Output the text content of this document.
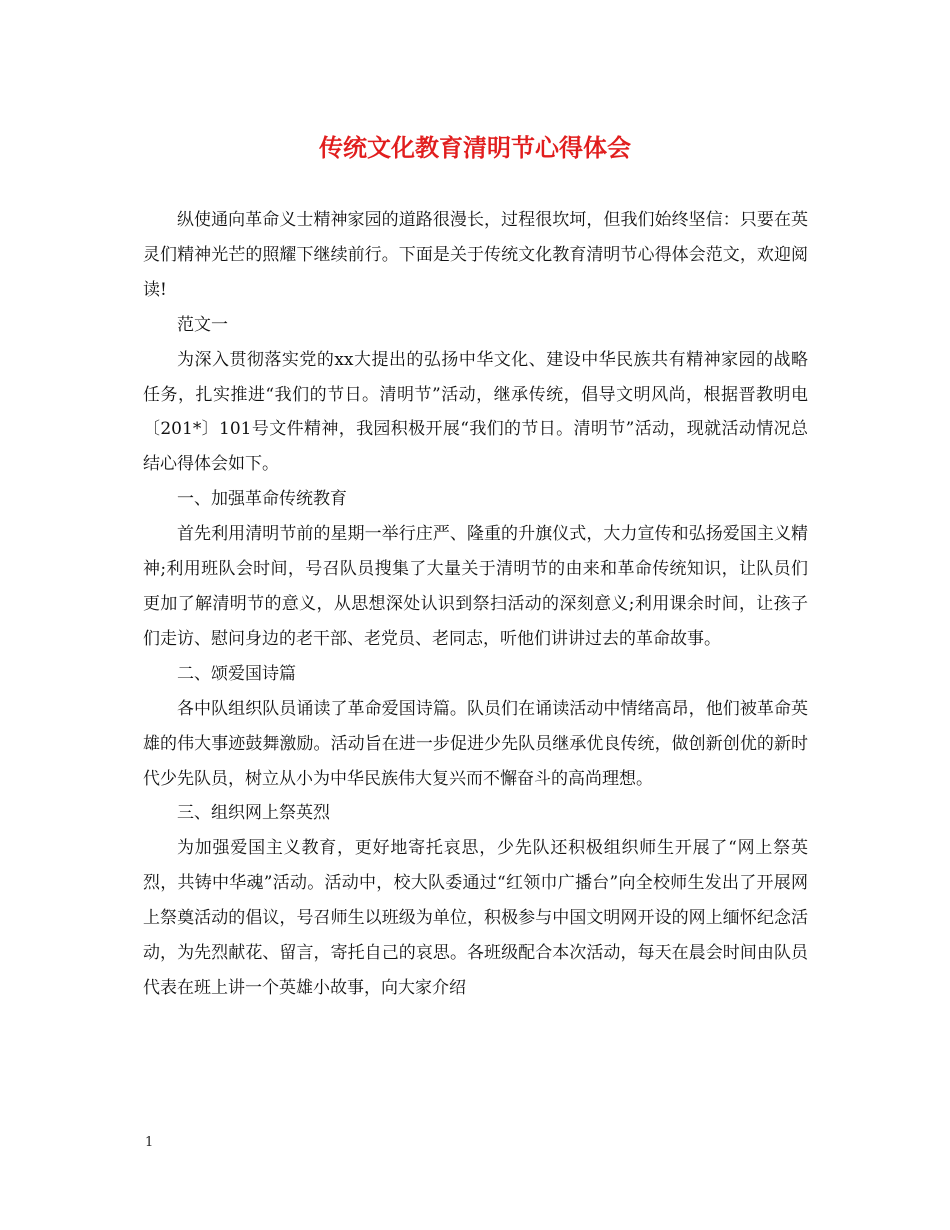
传统文化教育清明节心得体会

纵使通向革命义士精神家园的道路很漫长，过程很坎坷，但我们始终坚信：只要在英灵们精神光芒的照耀下继续前行。下面是关于传统文化教育清明节心得体会范文，欢迎阅读!

范文一

为深入贯彻落实党的xx大提出的弘扬中华文化、建设中华民族共有精神家园的战略任务，扎实推进“我们的节日。清明节”活动，继承传统，倡导文明风尚，根据晋教明电〔201*〕101号文件精神，我园积极开展“我们的节日。清明节”活动，现就活动情况总结心得体会如下。

一、加强革命传统教育

首先利用清明节前的星期一举行庄严、隆重的升旗仪式，大力宣传和弘扬爱国主义精神;利用班队会时间，号召队员搜集了大量关于清明节的由来和革命传统知识，让队员们更加了解清明节的意义，从思想深处认识到祭扫活动的深刻意义;利用课余时间，让孩子们走访、慰问身边的老干部、老党员、老同志，听他们讲讲过去的革命故事。

二、颂爱国诗篇

各中队组织队员诵读了革命爱国诗篇。队员们在诵读活动中情绪高昂，他们被革命英雄的伟大事迹鼓舞激励。活动旨在进一步促进少先队员继承优良传统，做创新创优的新时代少先队员，树立从小为中华民族伟大复兴而不懈奋斗的高尚理想。

三、组织网上祭英烈

为加强爱国主义教育，更好地寄托哀思，少先队还积极组织师生开展了“网上祭英烈，共铸中华魂”活动。活动中，校大队委通过“红领巾广播台”向全校师生发出了开展网上祭奠活动的倡议，号召师生以班级为单位，积极参与中国文明网开设的网上缅怀纪念活动，为先烈献花、留言，寄托自己的哀思。各班级配合本次活动，每天在晨会时间由队员代表在班上讲一个英雄小故事，向大家介绍

1
